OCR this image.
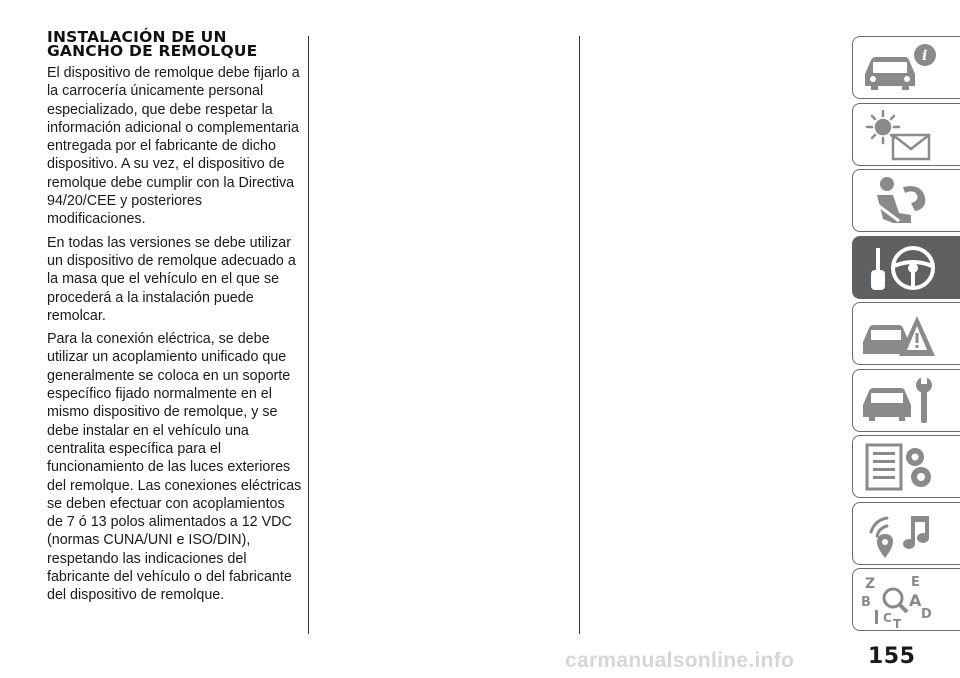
INSTALACIÓN DE UN
GANCHO DE REMOLQUE

El dispositivo de remolque debe fijarlo a
la carrocería únicamente personal
especializado, que debe respetar la
información adicional o complementaria
entregada por el fabricante de dicho
dispositivo. A su vez, el dispositivo de
remolque debe cumplir con la Directiva
94/20/CEE y posteriores
modificaciones.

En todas las versiones se debe utilizar
un dispositivo de remolque adecuado a
la masa que el vehículo en el que se
procederá a la instalación puede
remolcar.

Para la conexión eléctrica, se debe
utilizar un acoplamiento unificado que
generalmente se coloca en un soporte
específico fijado normalmente en el
mismo dispositivo de remolque, y se
debe instalar en el vehículo una
centralita específica para el
funcionamiento de las luces exteriores
del remolque. Las conexiones eléctricas
se deben efectuar con acoplamientos
de 7 ó 13 polos alimentados a 12 VDC
(normas CUNA/UNI e ISO/DIN),
respetando las indicaciones del
fabricante del vehículo o del fabricante
del dispositivo de remolque.

i
Z	E
B A
C D
T
carmanualsonline.info	155
